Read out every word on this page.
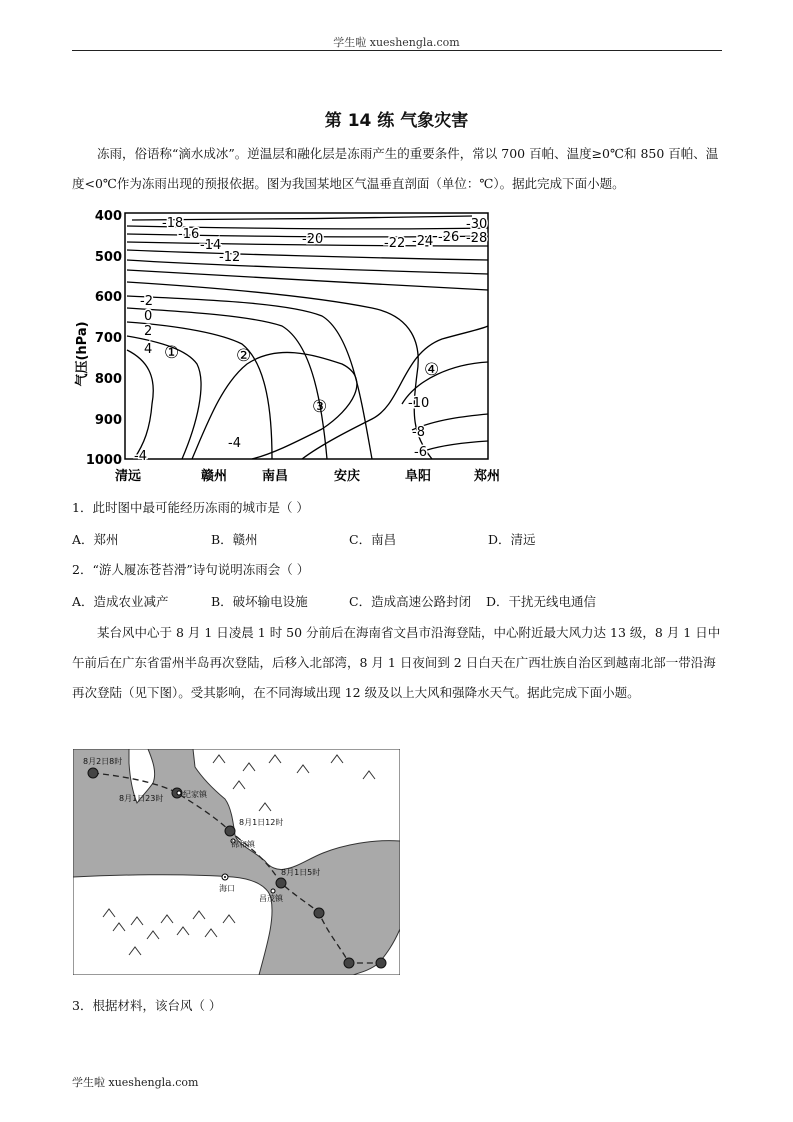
学生啦 xueshengla.com
第 14 练 气象灾害

冻雨，俗语称“滴水成冰”。逆温层和融化层是冻雨产生的重要条件，常以 700 百帕、温度≥0℃和 850 百帕、温度<0℃作为冻雨出现的预报依据。图为我国某地区气温垂直剖面（单位：℃）。据此完成下面小题。

气压(hPa)
400
500
600
700
800
900
1000
-18
-16
-14
-12
-20	-22 -24 -26 -28
-30
-2
0
2
4
-4
-4
-10
-8
-6
①	②
③
④
清远	赣州	南昌	安庆	阜阳	郑州
1．此时图中最可能经历冻雨的城市是（ ）
A．郑州	B．赣州	C．南昌	D．清远
2．“游人履冻苍苔滑”诗句说明冻雨会（ ）
A．造成农业减产	B．破坏输电设施	C．造成高速公路封闭 D．干扰无线电通信

某台风中心于 8 月 1 日凌晨 1 时 50 分前后在海南省文昌市沿海登陆，中心附近最大风力达 13 级，8 月 1 日中午前后在广东省雷州半岛再次登陆，后移入北部湾，8 月 1 日夜间到 2 日白天在广西壮族自治区到越南北部一带沿海再次登陆（见下图）。受其影响，在不同海域出现 12 级及以上大风和强降水天气。据此完成下面小题。

8月2日8时
8月1日23时 纪家镇
8月1日12时
锦和镇
8月1日5时
海口
昌茂镇
3．根据材料，该台风（ ）
学生啦 xueshengla.com
